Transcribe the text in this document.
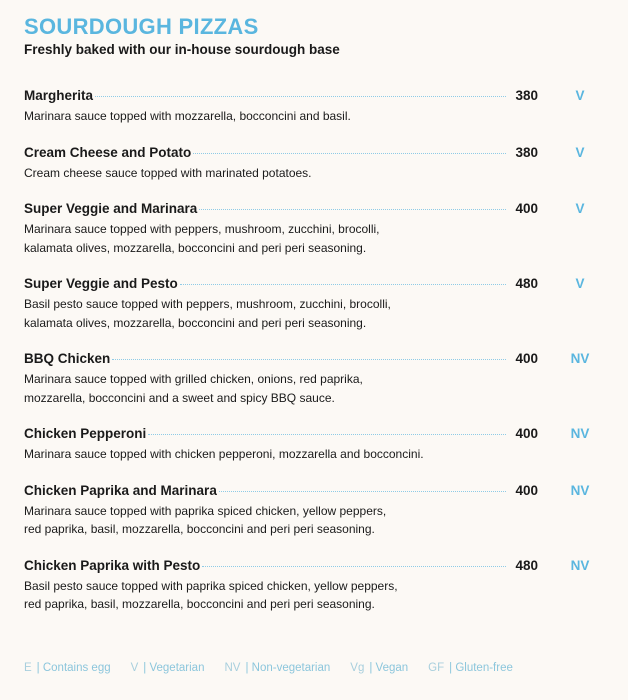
SOURDOUGH PIZZAS
Freshly baked with our in-house sourdough base
Margherita	380	V
Marinara sauce topped with mozzarella, bocconcini and basil.
Cream Cheese and Potato	380	V
Cream cheese sauce topped with marinated potatoes.
Super Veggie and Marinara	400	V
Marinara sauce topped with peppers, mushroom, zucchini, brocolli,
kalamata olives, mozzarella, bocconcini and peri peri seasoning.
Super Veggie and Pesto	480	V
Basil pesto sauce topped with peppers, mushroom, zucchini, brocolli,
kalamata olives, mozzarella, bocconcini and peri peri seasoning.
BBQ Chicken	400	NV
Marinara sauce topped with grilled chicken, onions, red paprika,
mozzarella, bocconcini and a sweet and spicy BBQ sauce.
Chicken Pepperoni	400	NV
Marinara sauce topped with chicken pepperoni, mozzarella and bocconcini.
Chicken Paprika and Marinara	400	NV
Marinara sauce topped with paprika spiced chicken, yellow peppers,
red paprika, basil, mozzarella, bocconcini and peri peri seasoning.
Chicken Paprika with Pesto	480	NV
Basil pesto sauce topped with paprika spiced chicken, yellow peppers,
red paprika, basil, mozzarella, bocconcini and peri peri seasoning.
E | Contains egg V | Vegetarian NV | Non-vegetarian Vg | Vegan GF | Gluten-free
